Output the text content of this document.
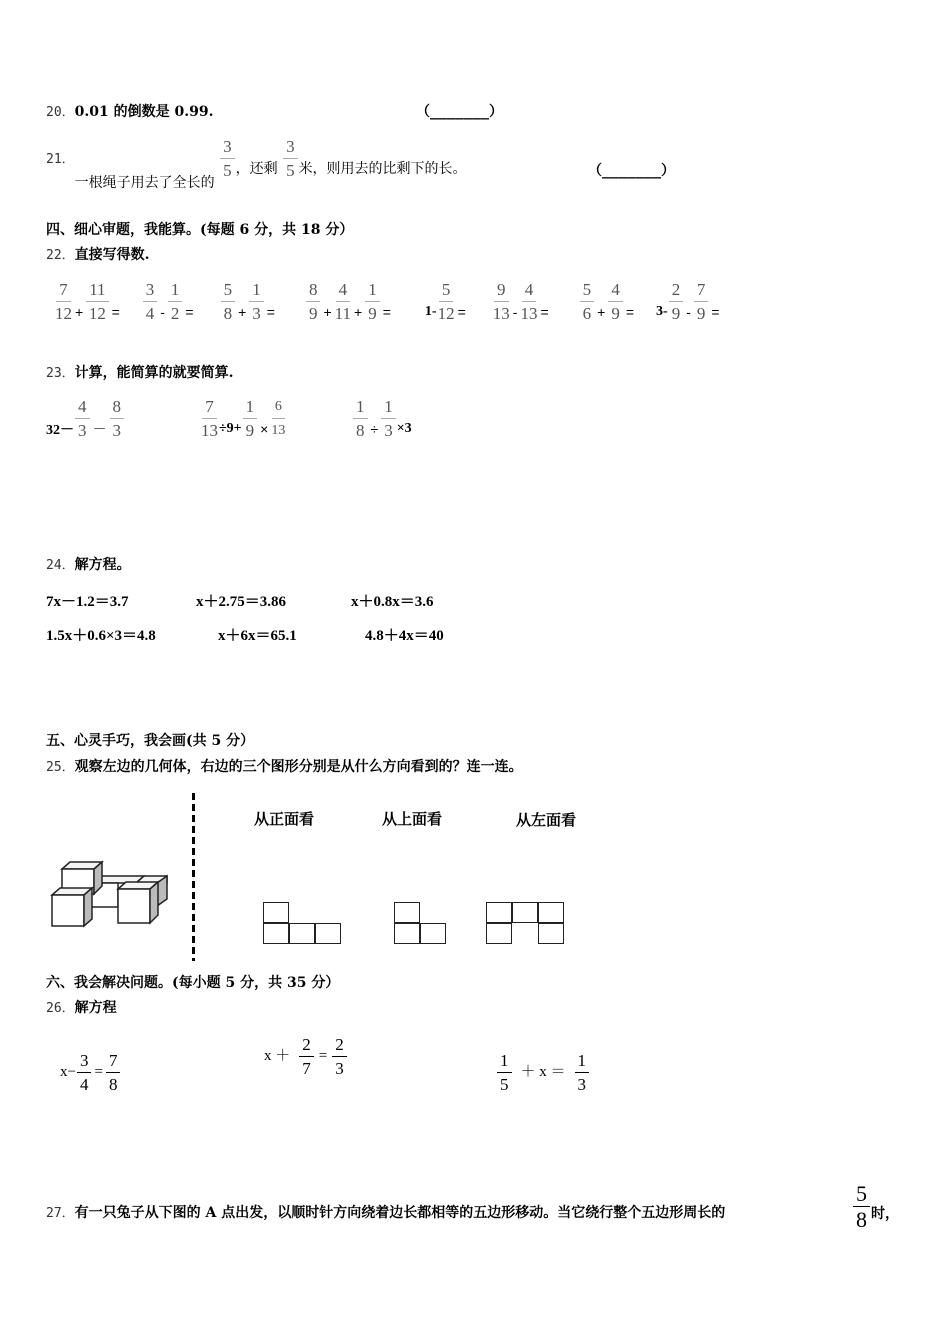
20．0.01 的倒数是 0.99.	（_______）
21．一根绳子用去了全长的
$\frac{3}{5}$ ，还剩 $\frac{3}{5}$ 米，则用去的比剩下的长。	（_______）
四、细心审题，我能算。(每题 6 分，共 18 分）
22．直接写得数.
$\frac{7}{12} + \frac{11}{12} = \frac{3}{4} - \frac{1}{2} = \frac{5}{8} + \frac{1}{3} = \frac{8}{9} + \frac{4}{11} + \frac{1}{9} = 1- \frac{5}{12} = \frac{9}{13} - \frac{4}{13} = \frac{5}{6} + \frac{4}{9} = 3- \frac{2}{9} - \frac{7}{9}$ =
23．计算，能简算的就要简算.
$32- \frac{4}{3} - \frac{8}{3}$	$\frac{7}{13} \div 9+ \frac{1}{9} \times \frac{6}{13}$	$\frac{1}{8} \div \frac{1}{3} \times 3$
24．解方程。
7x－1.2＝3.7	x＋2.75＝3.86	x＋0.8x＝3.6
1.5x＋0.6×3＝4.8	x＋6x＝65.1	4.8＋4x＝40
五、心灵手巧，我会画(共 5 分）
25．观察左边的几何体，右边的三个图形分别是从什么方向看到的？连一连。
从正面看	从上面看	从左面看
六、我会解决问题。(每小题 5 分，共 35 分）
26．解方程
$x- \frac{3}{4} = \frac{7}{8}$	$x + \frac{2}{7} = \frac{2}{3}$	$\frac{1}{5} + x = \frac{1}{3}$
27．有一只兔子从下图的 A 点出发，以顺时针方向绕着边长都相等的五边形移动。当它绕行整个五边形周长的	$\frac{5}{8}$ 时，
